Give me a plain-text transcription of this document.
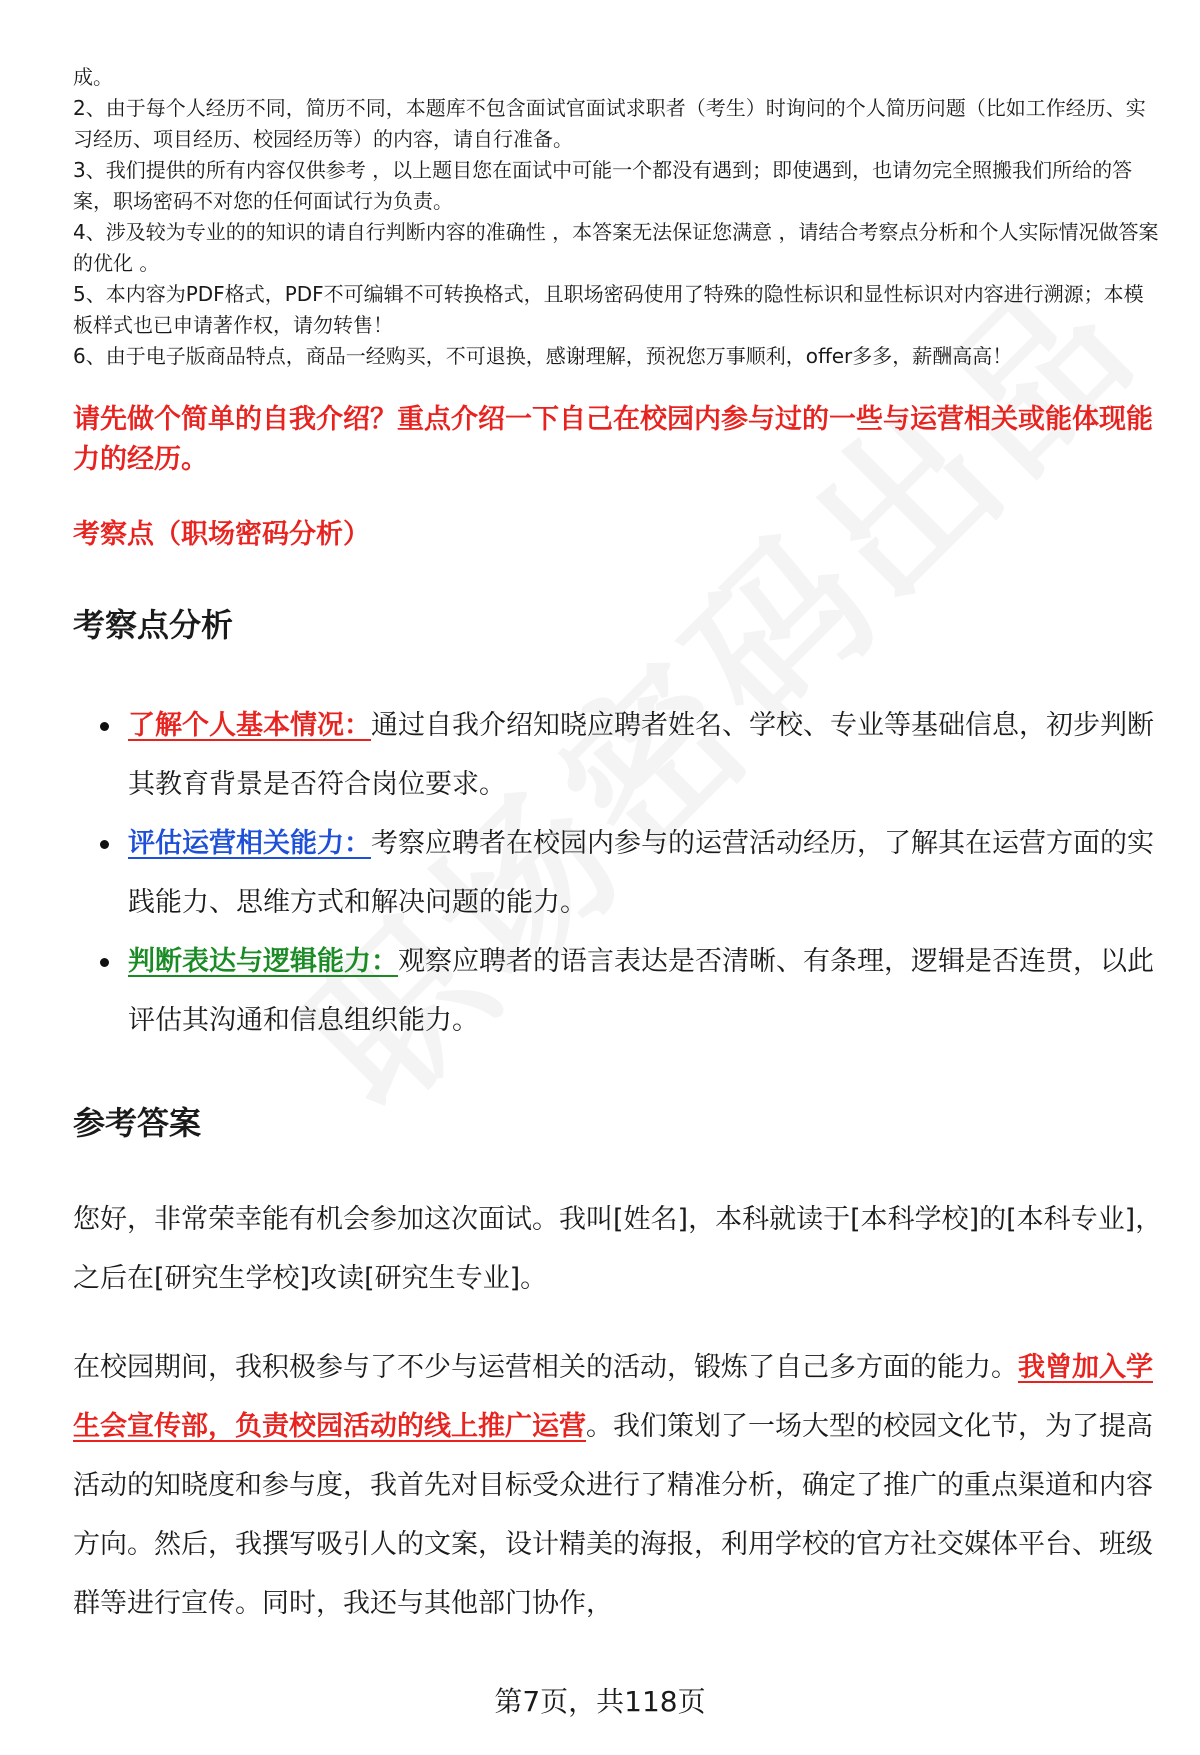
成。

2、由于每个人经历不同，简历不同，本题库不包含面试官面试求职者（考生）时询问的个人简历问题（比如工作经历、实习经历、项目经历、校园经历等）的内容，请自行准备。

3、我们提供的所有内容仅供参考 ，以上题目您在面试中可能一个都没有遇到；即使遇到，也请勿完全照搬我们所给的答案，职场密码不对您的任何面试行为负责。

4、涉及较为专业的的知识的请自行判断内容的准确性 ，本答案无法保证您满意 ，请结合考察点分析和个人实际情况做答案的优化 。

5、本内容为PDF格式，PDF不可编辑不可转换格式，且职场密码使用了特殊的隐性标识和显性标识对内容进行溯源；本模板样式也已申请著作权，请勿转售！

6、由于电子版商品特点，商品一经购买，不可退换，感谢理解，预祝您万事顺利，offer多多，薪酬高高！

请先做个简单的自我介绍？重点介绍一下自己在校园内参与过的一些与运营相关或能体现能力的经历。

考察点（职场密码分析）

考察点分析

了解个人基本情况：通过自我介绍知晓应聘者姓名、学校、专业等基础信息，初步判断其教育背景是否符合岗位要求。
评估运营相关能力：考察应聘者在校园内参与的运营活动经历，了解其在运营方面的实践能力、思维方式和解决问题的能力。
判断表达与逻辑能力：观察应聘者的语言表达是否清晰、有条理，逻辑是否连贯，以此评估其沟通和信息组织能力。

参考答案

您好，非常荣幸能有机会参加这次面试。我叫[姓名]，本科就读于[本科学校]的[本科专业]，之后在[研究生学校]攻读[研究生专业]。

在校园期间，我积极参与了不少与运营相关的活动，锻炼了自己多方面的能力。我曾加入学生会宣传部，负责校园活动的线上推广运营。我们策划了一场大型的校园文化节，为了提高活动的知晓度和参与度，我首先对目标受众进行了精准分析，确定了推广的重点渠道和内容方向。然后，我撰写吸引人的文案，设计精美的海报，利用学校的官方社交媒体平台、班级群等进行宣传。同时，我还与其他部门协作，

第7页，共118页
